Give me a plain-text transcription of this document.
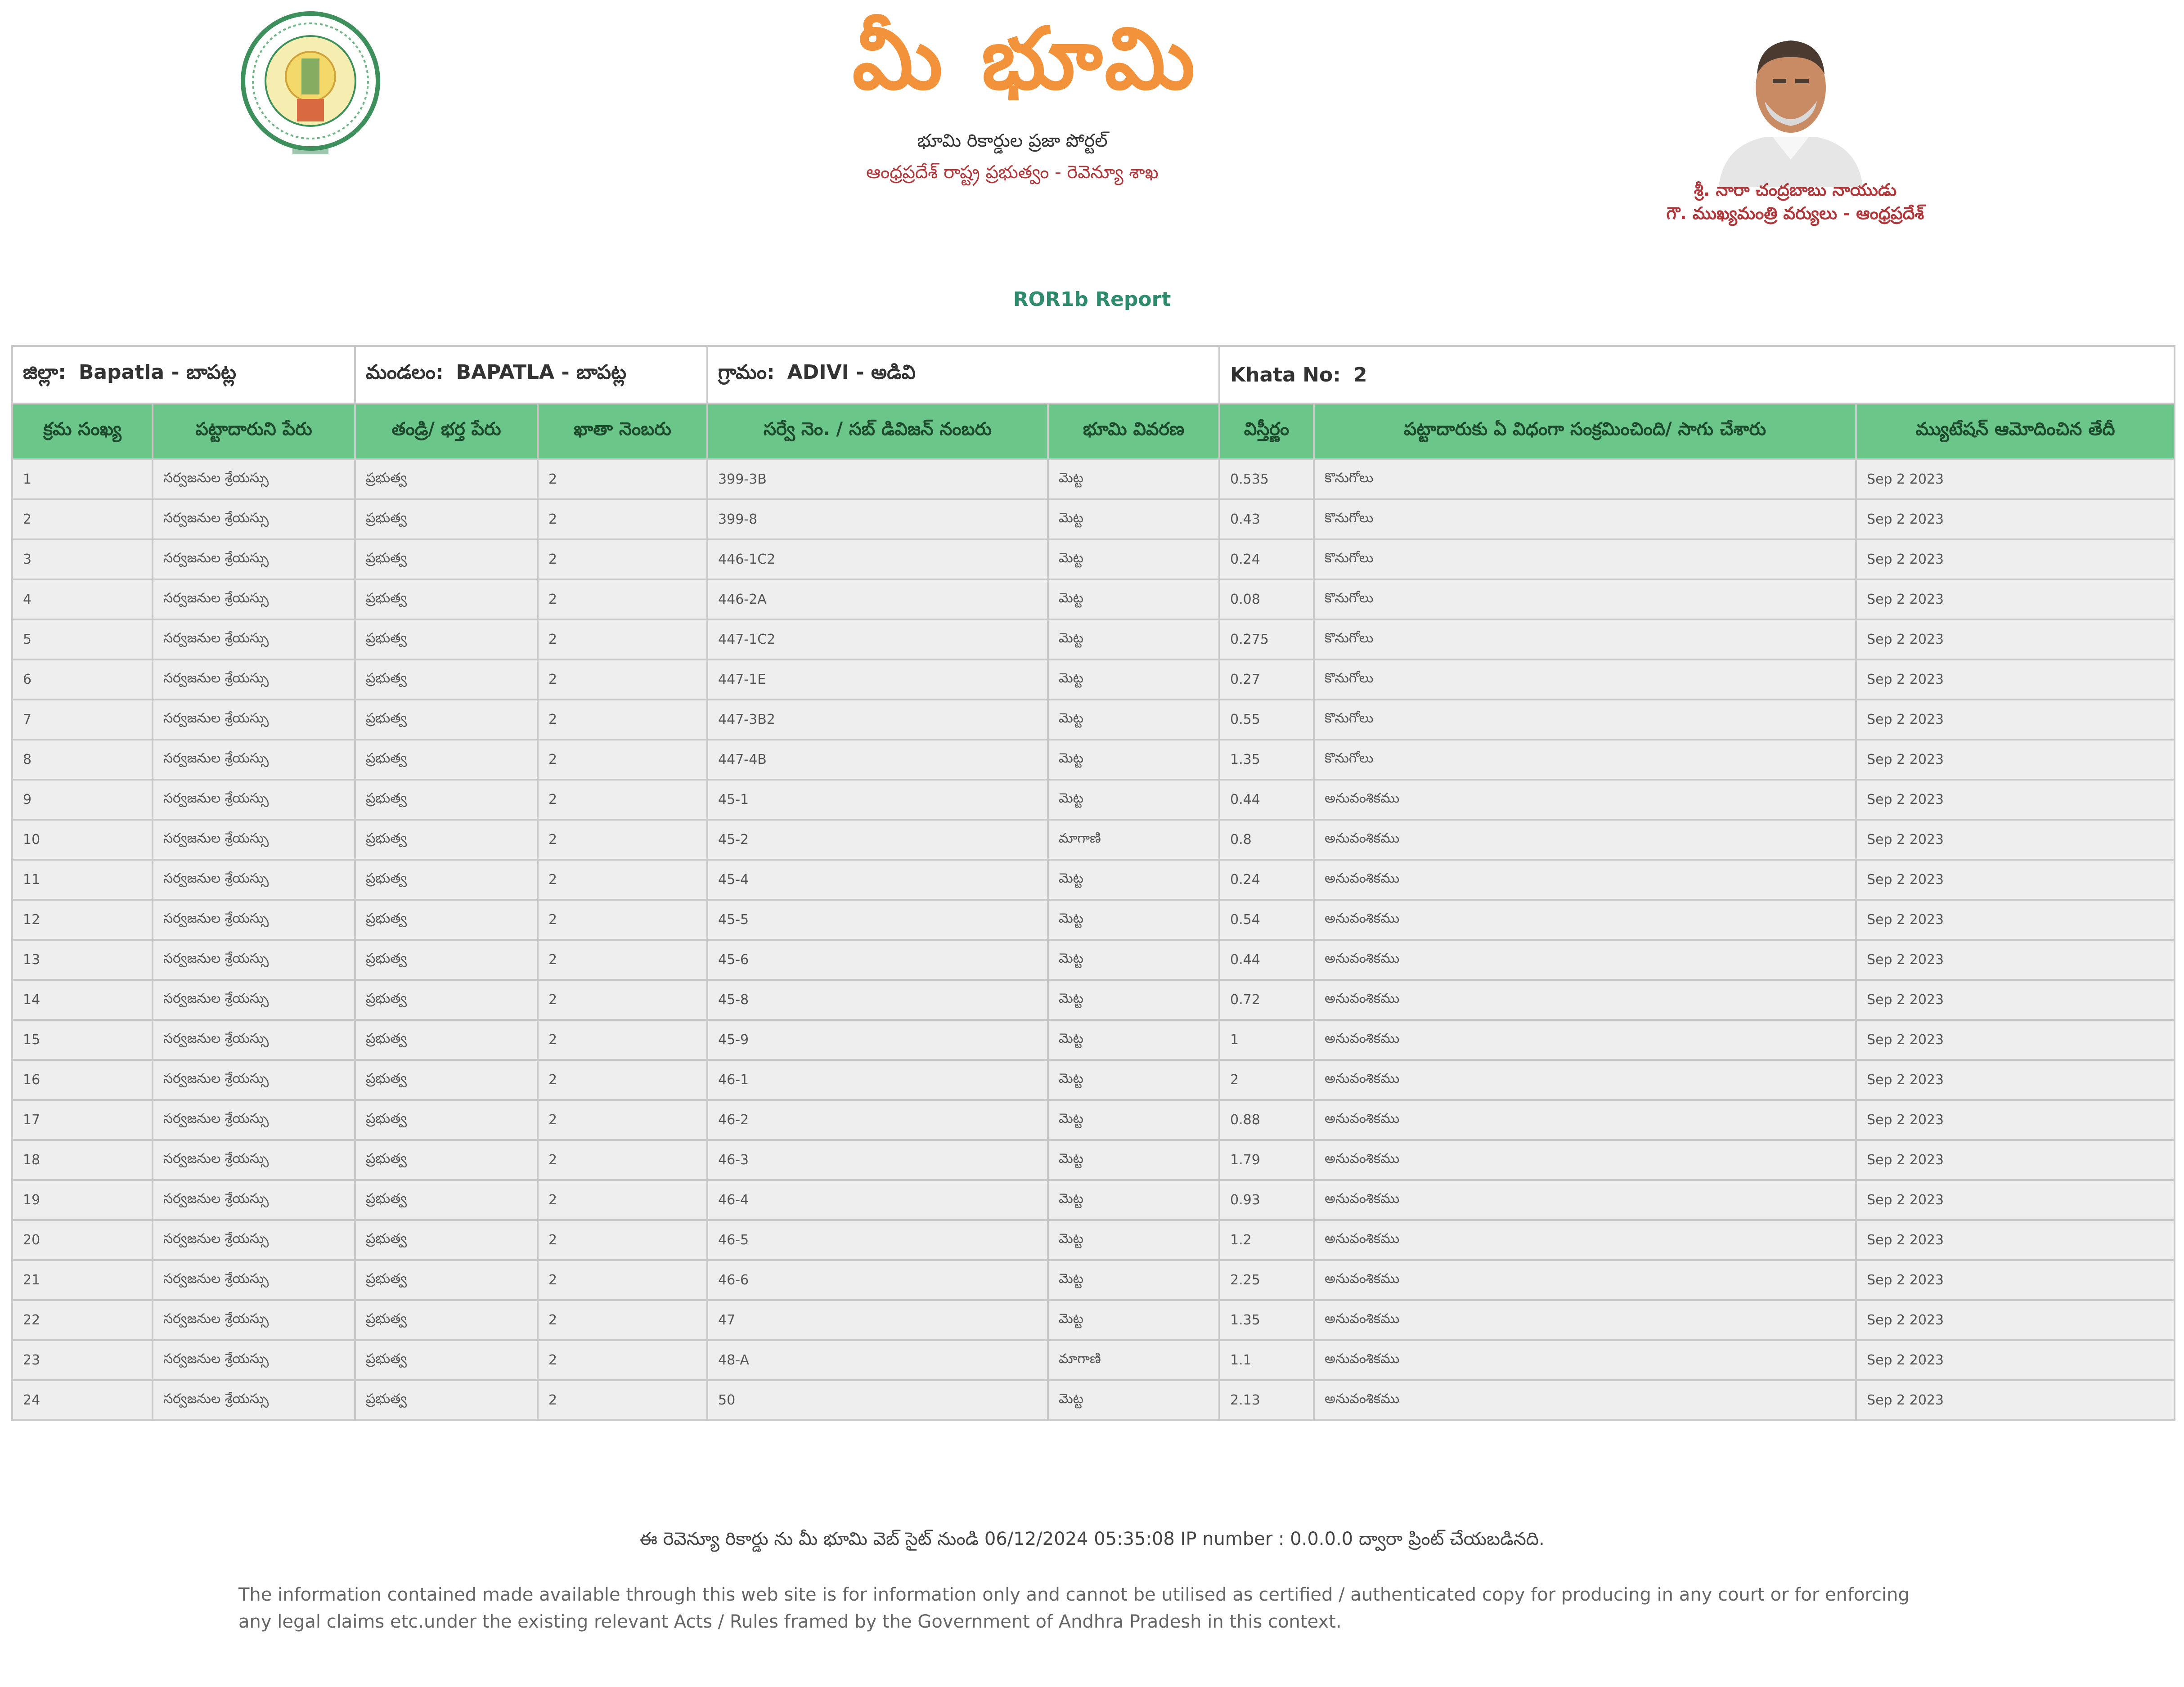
మీ భూమి
భూమి రికార్డుల ప్రజా పోర్టల్
ఆంధ్రప్రదేశ్ రాష్ట్ర ప్రభుత్వం - రెవెన్యూ శాఖ
శ్రీ. నారా చంద్రబాబు నాయుడు
గౌ. ముఖ్యమంత్రి వర్యులు - ఆంధ్రప్రదేశ్
ROR1b Report
జిల్లా: Bapatla - బాపట్ల		మండలం: BAPATLA - బాపట్ల		గ్రామం: ADIVI - అడివి		Khata No: 2		
క్రమ సంఖ్య	పట్టాదారుని పేరు	తండ్రి/ భర్త పేరు	ఖాతా నెంబరు	సర్వే నెం. / సబ్ డివిజన్ నంబరు	భూమి వివరణ	విస్తీర్ణం	పట్టాదారుకు ఏ విధంగా సంక్రమించింది/ సాగు చేశారు	మ్యుటేషన్ ఆమోదించిన తేదీ
1	సర్వజనుల శ్రేయస్సు	ప్రభుత్వ	2	399-3B	మెట్ట	0.535	కొనుగోలు	Sep 2 2023
2	సర్వజనుల శ్రేయస్సు	ప్రభుత్వ	2	399-8	మెట్ట	0.43	కొనుగోలు	Sep 2 2023
3	సర్వజనుల శ్రేయస్సు	ప్రభుత్వ	2	446-1C2	మెట్ట	0.24	కొనుగోలు	Sep 2 2023
4	సర్వజనుల శ్రేయస్సు	ప్రభుత్వ	2	446-2A	మెట్ట	0.08	కొనుగోలు	Sep 2 2023
5	సర్వజనుల శ్రేయస్సు	ప్రభుత్వ	2	447-1C2	మెట్ట	0.275	కొనుగోలు	Sep 2 2023
6	సర్వజనుల శ్రేయస్సు	ప్రభుత్వ	2	447-1E	మెట్ట	0.27	కొనుగోలు	Sep 2 2023
7	సర్వజనుల శ్రేయస్సు	ప్రభుత్వ	2	447-3B2	మెట్ట	0.55	కొనుగోలు	Sep 2 2023
8	సర్వజనుల శ్రేయస్సు	ప్రభుత్వ	2	447-4B	మెట్ట	1.35	కొనుగోలు	Sep 2 2023
9	సర్వజనుల శ్రేయస్సు	ప్రభుత్వ	2	45-1	మెట్ట	0.44	అనువంశికము	Sep 2 2023
10	సర్వజనుల శ్రేయస్సు	ప్రభుత్వ	2	45-2	మాగాణి	0.8	అనువంశికము	Sep 2 2023
11	సర్వజనుల శ్రేయస్సు	ప్రభుత్వ	2	45-4	మెట్ట	0.24	అనువంశికము	Sep 2 2023
12	సర్వజనుల శ్రేయస్సు	ప్రభుత్వ	2	45-5	మెట్ట	0.54	అనువంశికము	Sep 2 2023
13	సర్వజనుల శ్రేయస్సు	ప్రభుత్వ	2	45-6	మెట్ట	0.44	అనువంశికము	Sep 2 2023
14	సర్వజనుల శ్రేయస్సు	ప్రభుత్వ	2	45-8	మెట్ట	0.72	అనువంశికము	Sep 2 2023
15	సర్వజనుల శ్రేయస్సు	ప్రభుత్వ	2	45-9	మెట్ట	1	అనువంశికము	Sep 2 2023
16	సర్వజనుల శ్రేయస్సు	ప్రభుత్వ	2	46-1	మెట్ట	2	అనువంశికము	Sep 2 2023
17	సర్వజనుల శ్రేయస్సు	ప్రభుత్వ	2	46-2	మెట్ట	0.88	అనువంశికము	Sep 2 2023
18	సర్వజనుల శ్రేయస్సు	ప్రభుత్వ	2	46-3	మెట్ట	1.79	అనువంశికము	Sep 2 2023
19	సర్వజనుల శ్రేయస్సు	ప్రభుత్వ	2	46-4	మెట్ట	0.93	అనువంశికము	Sep 2 2023
20	సర్వజనుల శ్రేయస్సు	ప్రభుత్వ	2	46-5	మెట్ట	1.2	అనువంశికము	Sep 2 2023
21	సర్వజనుల శ్రేయస్సు	ప్రభుత్వ	2	46-6	మెట్ట	2.25	అనువంశికము	Sep 2 2023
22	సర్వజనుల శ్రేయస్సు	ప్రభుత్వ	2	47	మెట్ట	1.35	అనువంశికము	Sep 2 2023
23	సర్వజనుల శ్రేయస్సు	ప్రభుత్వ	2	48-A	మాగాణి	1.1	అనువంశికము	Sep 2 2023
24	సర్వజనుల శ్రేయస్సు	ప్రభుత్వ	2	50	మెట్ట	2.13	అనువంశికము	Sep 2 2023
ఈ రెవెన్యూ రికార్డు ను మీ భూమి వెబ్ సైట్ నుండి 06/12/2024 05:35:08 IP number : 0.0.0.0 ద్వారా ప్రింట్ చేయబడినది.
The information contained made available through this web site is for information only and cannot be utilised as certified / authenticated copy for producing in any court or for enforcing any legal claims etc.under the existing relevant Acts / Rules framed by the Government of Andhra Pradesh in this context.
